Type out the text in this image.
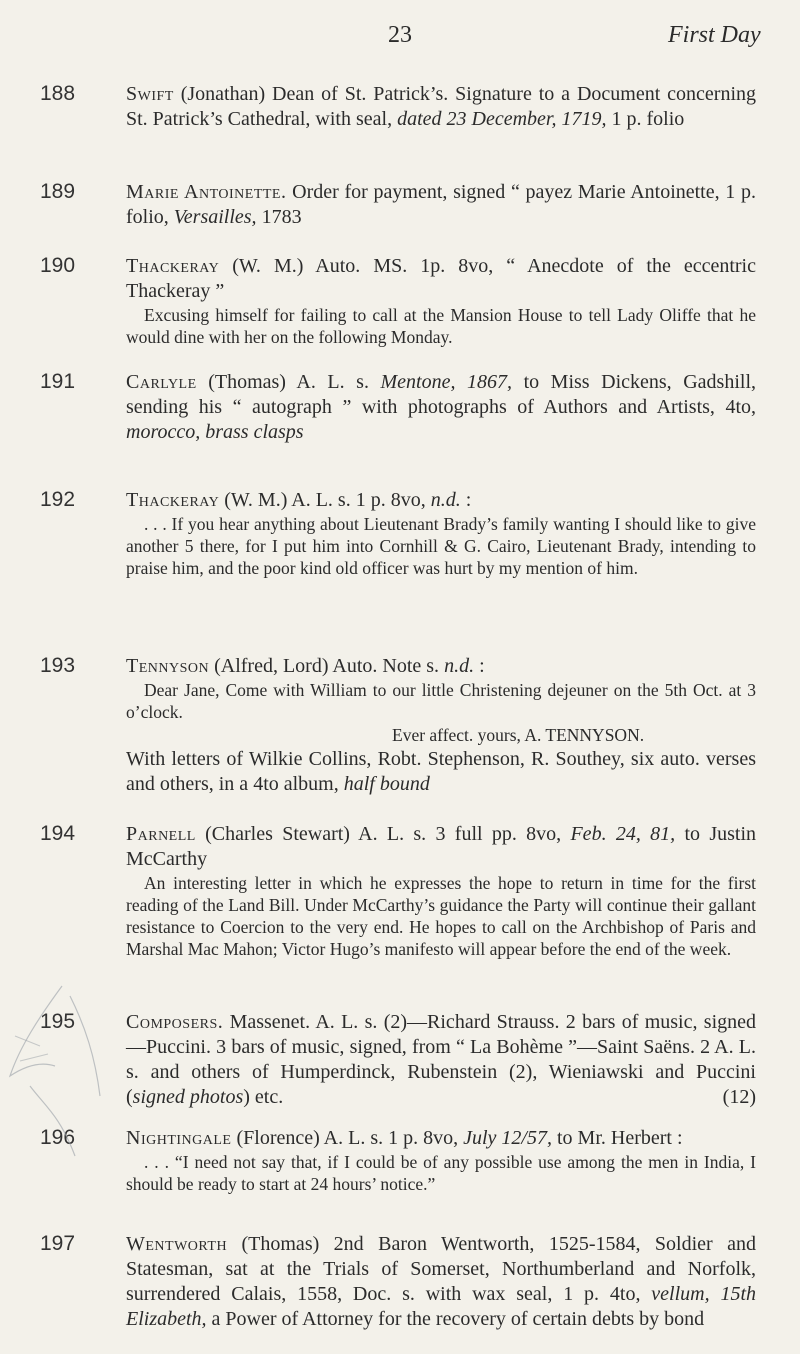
23	First Day
188	Swift (Jonathan) Dean of St. Patrick’s. Signature to a Document concerning St. Patrick’s Cathedral, with seal, dated 23 December, 1719, 1 p. folio

189	Marie Antoinette. Order for payment, signed “ payez Marie Antoinette, 1 p. folio, Versailles, 1783

190	Thackeray (W. M.) Auto. MS. 1p. 8vo, “ Anecdote of the eccentric Thackeray ”

Excusing himself for failing to call at the Mansion House to tell Lady Oliffe that he would dine with her on the following Monday.

191	Carlyle (Thomas) A. L. s. Mentone, 1867, to Miss Dickens, Gadshill, sending his “ autograph ” with photographs of Authors and Artists, 4to, morocco, brass clasps

192	Thackeray (W. M.) A. L. s. 1 p. 8vo, n.d. :

. . . If you hear anything about Lieutenant Brady’s family wanting I should like to give another 5 there, for I put him into Cornhill & G. Cairo, Lieutenant Brady, intending to praise him, and the poor kind old officer was hurt by my mention of him.

193	Tennyson (Alfred, Lord) Auto. Note s. n.d. :

Dear Jane, Come with William to our little Christening dejeuner on the 5th Oct. at 3 o’clock.

Ever affect. yours, A. TENNYSON.

With letters of Wilkie Collins, Robt. Stephenson, R. Southey, six auto. verses and others, in a 4to album, half bound

194	Parnell (Charles Stewart) A. L. s. 3 full pp. 8vo, Feb. 24, 81, to Justin McCarthy

An interesting letter in which he expresses the hope to return in time for the first reading of the Land Bill. Under McCarthy’s guidance the Party will continue their gallant resistance to Coercion to the very end. He hopes to call on the Archbishop of Paris and Marshal Mac Mahon; Victor Hugo’s manifesto will appear before the end of the week.

195	Composers. Massenet. A. L. s. (2)—Richard Strauss. 2 bars of music, signed—Puccini. 3 bars of music, signed, from “ La Bohème ”—Saint Saëns. 2 A. L. s. and others of Humperdinck, Rubenstein (2), Wieniawski and Puccini (signed photos) etc.	(12)

196	Nightingale (Florence) A. L. s. 1 p. 8vo, July 12/57, to Mr. Herbert :

. . . “I need not say that, if I could be of any possible use among the men in India, I should be ready to start at 24 hours’ notice.”

197	Wentworth (Thomas) 2nd Baron Wentworth, 1525-1584, Soldier and Statesman, sat at the Trials of Somerset, Northumberland and Norfolk, surrendered Calais, 1558, Doc. s. with wax seal, 1 p. 4to, vellum, 15th Elizabeth, a Power of Attorney for the recovery of certain debts by bond
